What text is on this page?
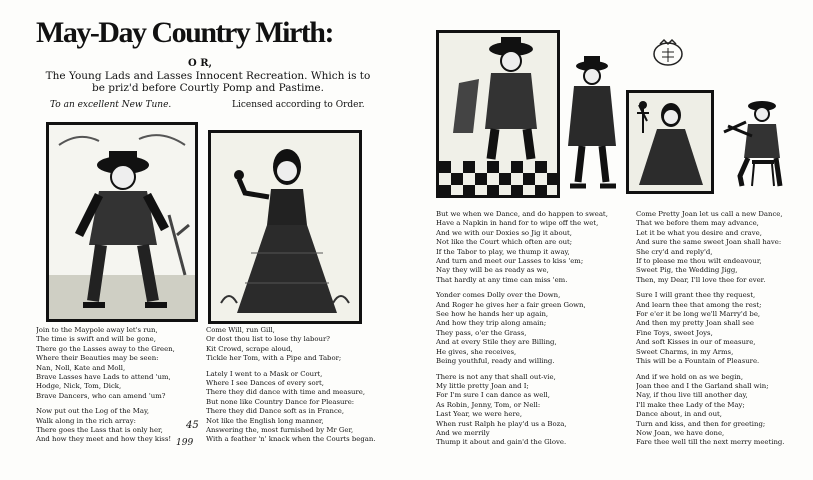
May-Day Country Mirth:
O R,
The Young Lads and Lasses Innocent Recreation. Which is to be priz'd before Courtly Pomp and Pastime.
To an excellent New Tune.	Licensed according to Order.
Join to the Maypole away let's run,
The time is swift and will be gone,
There go the Lasses away to the Green,
Where their Beauties may be seen:
Nan, Noll, Kate and Moll,
Brave Lasses have Lads to attend 'um,
Hodge, Nick, Tom, Dick,
Brave Dancers, who can amend 'um?
Now put out the Log of the May,
Walk along in the rich array:
There goes the Lass that is only her,
And how they meet and how they kiss!
Come Will, run Gill,
Or dost thou list to lose thy labour?
Kit Crowd, scrape aloud,
Tickle her Tom, with a Pipe and Tabor;
Lately I went to a Mask or Court,
Where I see Dances of every sort,
There they did dance with time and measure,
But none like Country Dance for Pleasure:
There they did Dance soft as in France,
Not like the English long manner,
Answering the, most furnished by Mr Ger,
With a feather 'n' knack when the Courts began.
45
199
But we when we Dance, and do happen to sweat,
Have a Napkin in hand for to wipe off the wet,
And we with our Doxies so Jig it about,
Not like the Court which often are out;
If the Tabor to play, we thump it away,
And turn and meet our Lasses to kiss 'em;
Nay they will be as ready as we,
That hardly at any time can miss 'em.
Yonder comes Dolly over the Down,
And Roger he gives her a fair green Gown,
See how he hands her up again,
And how they trip along amain;
They pass, o'er the Grass,
And at every Stile they are Billing,
He gives, she receives,
Being youthful, ready and willing.
There is not any that shall out-vie,
My little pretty Joan and I;
For I'm sure I can dance as well,
As Robin, Jenny, Tom, or Nell:
Last Year, we were here,
When rust Ralph he play'd us a Boza,
And we merrily
Thump it about and gain'd the Glove.
Come Pretty Joan let us call a new Dance,
That we before them may advance,
Let it be what you desire and crave,
And sure the same sweet Joan shall have:
She cry'd and reply'd,
If to please me thou wilt endeavour,
Sweet Pig, the Wedding Jigg,
Then, my Dear, I'll love thee for ever.
Sure I will grant thee thy request,
And learn thee that among the rest;
For e'er it be long we'll Marry'd be,
And then my pretty Joan shall see
Fine Toys, sweet Joys,
And soft Kisses in our of measure,
Sweet Charms, in my Arms,
This will be a Fountain of Pleasure.
And if we hold on as we begin,
Joan thee and I the Garland shall win;
Nay, if thou live till another day,
I'll make thee Lady of the May;
Dance about, in and out,
Turn and kiss, and then for greeting;
Now Joan, we have done,
Fare thee well till the next merry meeting.
